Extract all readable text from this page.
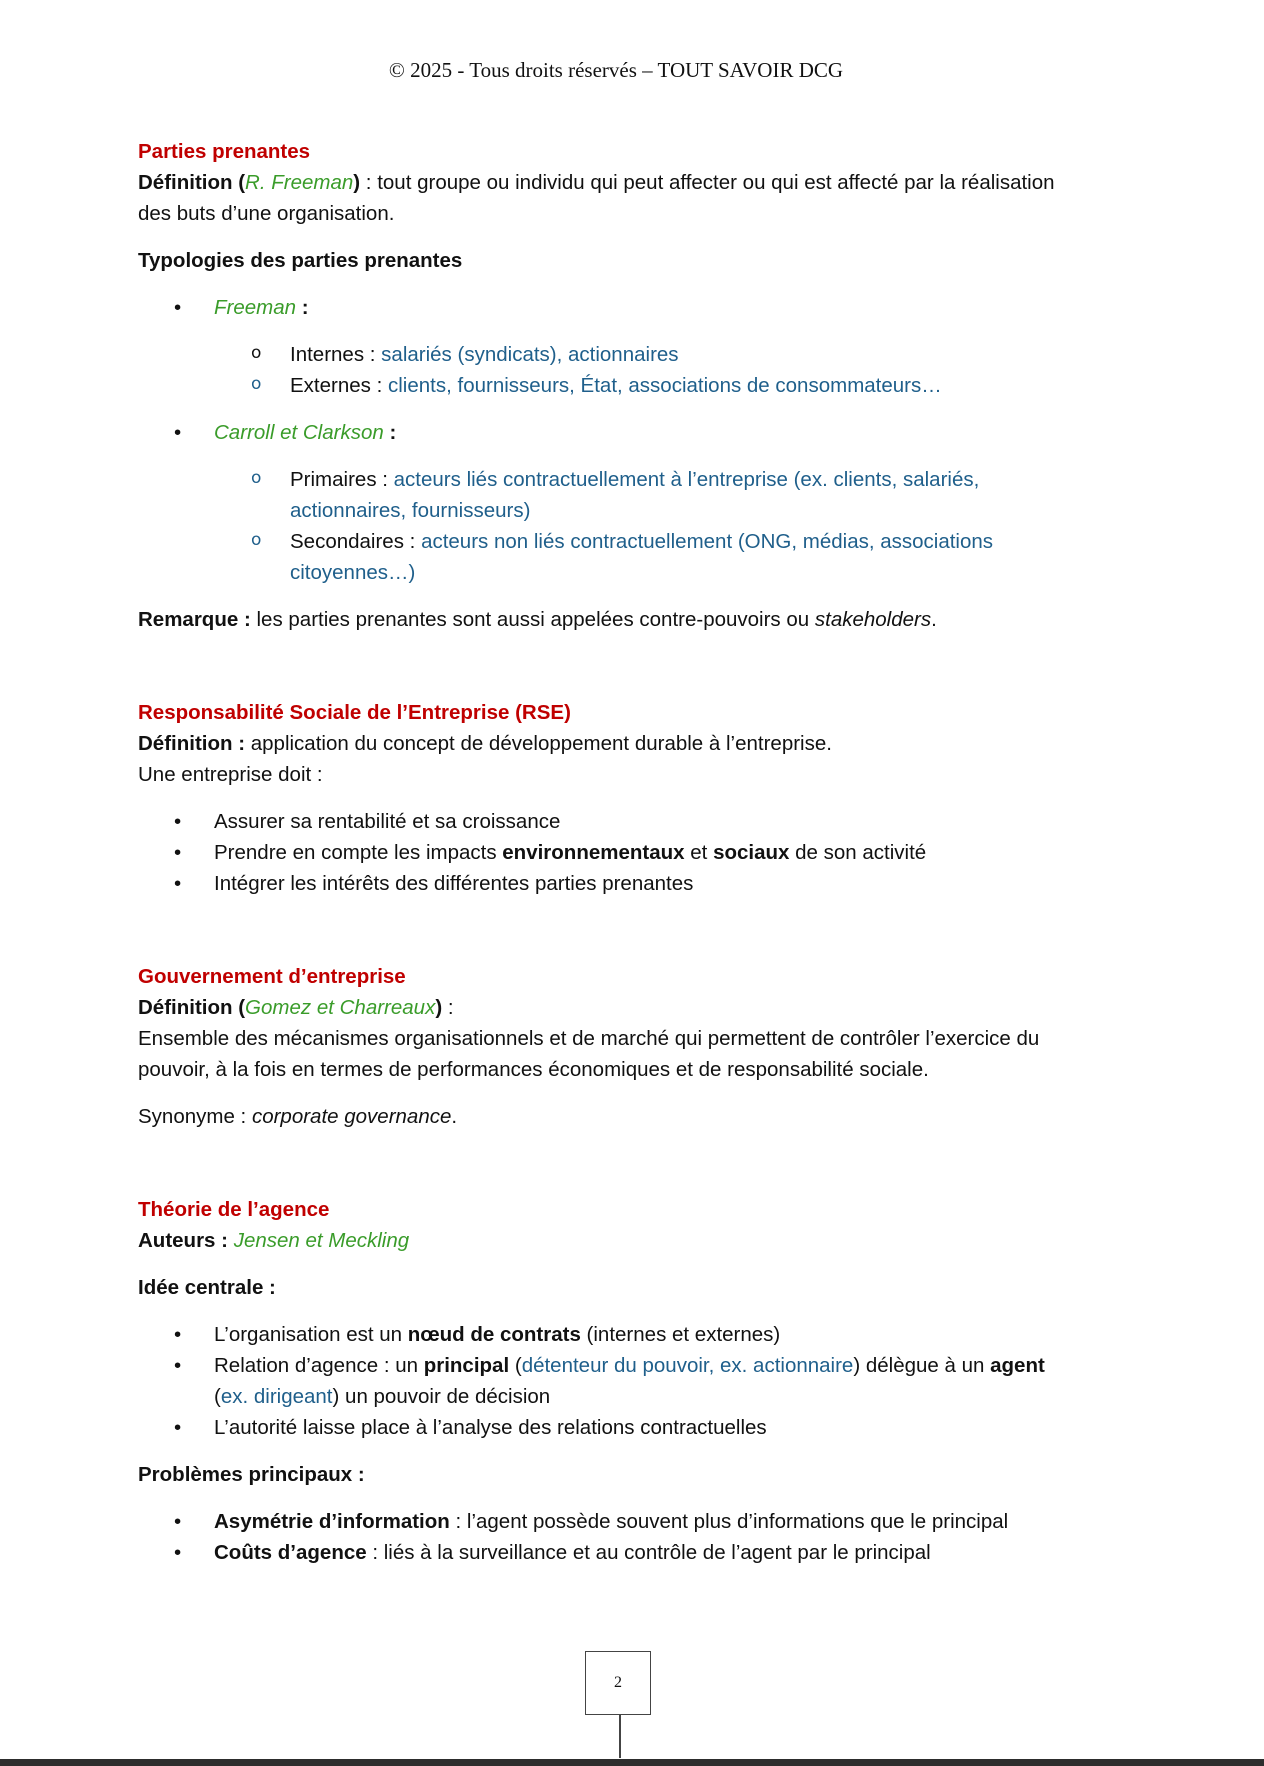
© 2025 - Tous droits réservés – TOUT SAVOIR DCG
Parties prenantes
Définition (R. Freeman) : tout groupe ou individu qui peut affecter ou qui est affecté par la réalisation
des buts d’une organisation.
Typologies des parties prenantes
• Freeman :
o Internes : salariés (syndicats), actionnaires
o Externes : clients, fournisseurs, État, associations de consommateurs…
• Carroll et Clarkson :
o Primaires : acteurs liés contractuellement à l’entreprise (ex. clients, salariés,
actionnaires, fournisseurs)
o Secondaires : acteurs non liés contractuellement (ONG, médias, associations
citoyennes…)
Remarque : les parties prenantes sont aussi appelées contre-pouvoirs ou stakeholders.
Responsabilité Sociale de l’Entreprise (RSE)
Définition : application du concept de développement durable à l’entreprise.
Une entreprise doit :
• Assurer sa rentabilité et sa croissance
• Prendre en compte les impacts environnementaux et sociaux de son activité
• Intégrer les intérêts des différentes parties prenantes
Gouvernement d’entreprise
Définition (Gomez et Charreaux) :
Ensemble des mécanismes organisationnels et de marché qui permettent de contrôler l’exercice du
pouvoir, à la fois en termes de performances économiques et de responsabilité sociale.
Synonyme : corporate governance.
Théorie de l’agence
Auteurs : Jensen et Meckling
Idée centrale :
• L’organisation est un nœud de contrats (internes et externes)
• Relation d’agence : un principal (détenteur du pouvoir, ex. actionnaire) délègue à un agent
(ex. dirigeant) un pouvoir de décision
• L’autorité laisse place à l’analyse des relations contractuelles
Problèmes principaux :
• Asymétrie d’information : l’agent possède souvent plus d’informations que le principal
• Coûts d’agence : liés à la surveillance et au contrôle de l’agent par le principal
2
